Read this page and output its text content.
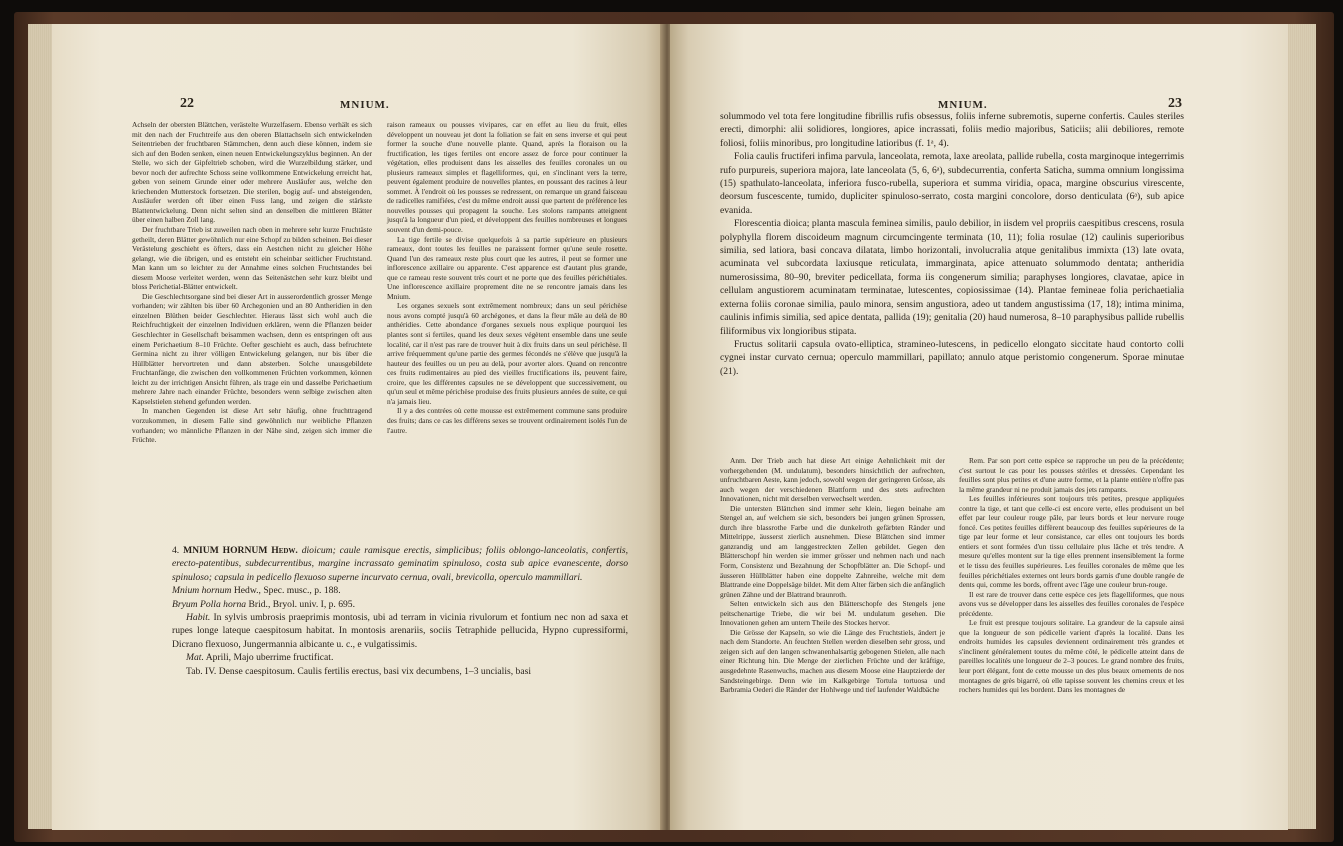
22	MNIUM.

Achseln der obersten Blättchen, verästelte Wurzelfasern. Ebenso verhält es sich mit den nach der Fruchtreife aus den oberen Blattachseln sich entwickelnden Seitentrieben der fruchtbaren Stämmchen, denn auch diese können, indem sie sich auf den Boden senken, einen neuen Entwickelungszyklus beginnen. An der Stelle, wo sich der Gipfeltrieb schoben, wird die Wurzelbildung stärker, und bevor noch der aufrechte Schoss seine vollkommene Entwickelung erreicht hat, geben von seinem Grunde einer oder mehrere Ausläufer aus, welche den kriechenden Mutterstock fortsetzen. Die sterilen, bogig auf- und absteigenden, Ausläufer werden oft über einen Fuss lang, und zeigen die stärkste Blattentwickelung. Denn nicht selten sind an denselben die mittleren Blätter über einen halben Zoll lang.

Der fruchtbare Trieb ist zuweilen nach oben in mehrere sehr kurze Fruchtäste getheilt, deren Blätter gewöhnlich nur eine Schopf zu bilden scheinen. Bei dieser Verästelung geschieht es öfters, dass ein Aestchen nicht zu gleicher Höhe gelangt, wie die übrigen, und es entsteht ein scheinbar seitlicher Fruchtstand. Man kann um so leichter zu der Annahme eines solchen Fruchtstandes bei diesem Moose verleitet werden, wenn das Seitenästchen sehr kurz bleibt und bloss Perichetial-Blätter entwickelt.

Die Geschlechtsorgane sind bei dieser Art in ausserordentlich grosser Menge vorhanden; wir zählten bis über 60 Archegonien und an 80 Antheridien in den einzelnen Blüthen beider Geschlechter. Hieraus lässt sich wohl auch die Reichfruchtigkeit der einzelnen Individuen erklären, wenn die Pflanzen beider Geschlechter in Gesellschaft beisammen wachsen, denn es entspringen oft aus einem Perichaetium 8–10 Früchte. Oefter geschieht es auch, dass befruchtete Germina nicht zu ihrer völligen Entwickelung gelangen, nur bis über die Hüllblätter hervortreten und dann absterben. Solche unausgebildete Fruchtanfänge, die zwischen den vollkommenen Früchten vorkommen, können leicht zu der irrichtigen Ansicht führen, als trage ein und dasselbe Perichaetium mehrere Jahre nach einander Früchte, besonders wenn selbige zwischen alten Kapselstielen stehend gefunden werden.

In manchen Gegenden ist diese Art sehr häufig, ohne fruchttragend vorzukommen, in diesem Falle sind gewöhnlich nur weibliche Pflanzen vorhanden; wo männliche Pflanzen in der Nähe sind, zeigen sich immer die Früchte.

raison rameaux ou pousses vivipares, car en effet au lieu du fruit, elles développent un nouveau jet dont la foliation se fait en sens inverse et qui peut former la souche d'une nouvelle plante. Quand, après la floraison ou la fructification, les tiges fertiles ont encore assez de force pour continuer la végétation, elles produisent dans les aisselles des feuilles coronales un ou plusieurs rameaux simples et flagelliformes, qui, en s'inclinant vers la terre, peuvent également produire de nouvelles plantes, en poussant des racines à leur sommet. À l'endroit où les pousses se redressent, on remarque un grand faisceau de radicelles ramifiées, c'est du même endroit aussi que partent de préférence les nouvelles pousses qui propagent la souche. Les stolons rampants atteignent jusqu'à la longueur d'un pied, et développent des feuilles nombreuses et longues souvent d'un demi-pouce.

La tige fertile se divise quelquefois à sa partie supérieure en plusieurs rameaux, dont toutes les feuilles ne paraissent former qu'une seule rosette. Quand l'un des rameaux reste plus court que les autres, il peut se former une inflorescence axillaire ou apparente. C'est apparence est d'autant plus grande, que ce rameau reste souvent très court et ne porte que des feuilles périchétiales. Une inflorescence axillaire proprement dite ne se rencontre jamais dans les Mnium.

Les organes sexuels sont extrêmement nombreux; dans un seul périchèse nous avons compté jusqu'à 60 archégones, et dans la fleur mâle au delà de 80 anthéridies. Cette abondance d'organes sexuels nous explique pourquoi les plantes sont si fertiles, quand les deux sexes végètent ensemble dans une seule localité, car il n'est pas rare de trouver huit à dix fruits dans un seul périchèse. Il arrive fréquemment qu'une partie des germes fécondés ne s'élève que jusqu'à la hauteur des feuilles ou un peu au delà, pour avorter alors. Quand on rencontre ces fruits rudimentaires au pied des vieilles fructifications ils, peuvent faire, croire, que les différentes capsules ne se développent que successivement, ou qu'un seul et même périchèse produise des fruits plusieurs années de suite, ce qui n'a jamais lieu.

Il y a des contrées où cette mousse est extrêmement commune sans produire des fruits; dans ce cas les différens sexes se trouvent ordinairement isolés l'un de l'autre.

4. MNIUM HORNUM Hedw. dioicum; caule ramisque erectis, simplicibus; foliis oblongo-lanceolatis, confertis, erecto-patentibus, subdecurrentibus, margine incrassato geminatim spinuloso, costa sub apice evanescente, dorso spinuloso; capsula in pedicello flexuoso superne incurvato cernua, ovali, brevicolla, operculo mammillari.

Mnium hornum Hedw., Spec. musc., p. 188.

Bryum Polla horna Brid., Bryol. univ. I, p. 695.

Habit. In sylvis umbrosis praeprimis montosis, ubi ad terram in viciniа rivulorum et fontium nec non ad saxa et rupes longe lateque caespitosum habitat. In montosis arenariis, sociis Tetraphide pellucida, Hypno cupressiformi, Dicrano flexuoso, Jungermannia albicante u. c., e vulgatissimis.

Mat. Aprili, Majo uberrime fructificat.

Tab. IV. Dense caespitosum. Caulis fertilis erectus, basi vix decumbens, 1–3 uncialis, basi

MNIUM.	23

solummodo vel tota fere longitudine fibrillis rufis obsessus, foliis inferne subremotis, superne confertis. Caules steriles erecti, dimorphi: alii solidiores, longiores, apice incrassati, foliis medio majoribus, Saticiis; alii debiliores, remote foliosi, foliis minoribus, pro longitudine latioribus (f. 1ᵃ, 4).

Folia caulis fructiferi infima parvula, lanceolata, remota, laxe areolata, pallide rubella, costa marginoque integerrimis rufo purpureis, superiora majora, late lanceolata (5, 6, 6ᵃ), subdecurrentia, conferta Saticha, summa omnium longissima (15) spathulato-lanceolata, inferiora fusco-rubella, superiora et summa viridia, opaca, margine obscurius virescente, deorsum fuscescente, tumido, dupliciter spinuloso-serrato, costa margini concolore, dorso denticulata (6ᵃ), sub apice evanida.

Florescentia dioica; planta mascula feminea similis, paulo debilior, in iisdem vel propriis caespitibus crescens, rosula polyphylla florem discoideum magnum circumcingente terminata (10, 11); folia rosulae (12) caulinis superioribus similia, sed latiora, basi concava dilatata, limbo horizontali, involucralia atque genitalibus immixta (13) late ovata, acuminata vel subcordata laxiusque reticulata, immarginata, apice attenuato solummodo dentata; antheridia numerosissima, 80–90, breviter pedicellata, forma iis congenerum similia; paraphyses longiores, clavatae, apice in cellulam angustiorem acuminatam terminatae, lutescentes, copiosissimae (14). Plantae femineae folia perichaetialia externa foliis coronae similia, paulo minora, sensim angustiora, adeo ut tandem angustissima (17, 18); intima minima, caulinis infimis similia, sed apice dentata, pallida (19); genitalia (20) haud numerosa, 8–10 paraphysibus pallide rubellis filiformibus vix longioribus stipata.

Fructus solitarii capsula ovato-elliptica, stramineo-lutescens, in pedicello elongato siccitate haud contorto colli cygnei instar curvato cernua; operculo mammillari, papillato; annulo atque peristomio congenerum. Sporae minutae (21).

Anm. Der Trieb auch hat diese Art einige Aehnlichkeit mit der vorhergehenden (M. undulatum), besonders hinsichtlich der aufrechten, unfruchtbaren Aeste, kann jedoch, sowohl wegen der geringeren Grösse, als auch wegen der verschiedenen Blattform und des stets aufrechten Innovationen, nicht mit derselben verwechselt werden.

Die untersten Blättchen sind immer sehr klein, liegen beinahe am Stengel an, auf welchem sie sich, besonders bei jungen grünen Sprossen, durch ihre blassrothe Farbe und die dunkelroth gefärbten Ränder und Mittelrippe, äusserst zierlich ausnehmen. Diese Blättchen sind immer ganzrandig und am langgestreckten Zellen gebildet. Gegen den Blätterschopf hin werden sie immer grösser und nehmen nach und nach Form, Consistenz und Bezahnung der Schopfblätter an. Die Schopf- und äusseren Hüllblätter haben eine doppelte Zahnreihe, welche mit dem Blattrande eine Doppelsäge bildet. Mit dem Alter färben sich die anfänglich grünen Zähne und der Blattrand braunroth.

Selten entwickeln sich aus den Blätterschopfe des Stengels jene peitschenartige Triebe, die wir bei M. undulatum gesehen. Die Innovationen gehen am untern Theile des Stockes hervor.

Die Grösse der Kapseln, so wie die Länge des Fruchtstiels, ändert je nach dem Standorte. An feuchten Stellen werden dieselben sehr gross, und zeigen sich auf den langen schwanenhalsartig gebogenen Stielen, alle nach einer Richtung hin. Die Menge der zierlichen Früchte und der kräftige, ausgedehnte Rasenwuchs, machen aus diesem Moose eine Hauptzierde der Sandsteingebirge. Denn wie im Kalkgebirge Tortula tortuosa und Barbramia Oederi die Ränder der Hohlwege und tief laufender Waldbäche

Rem. Par son port cette espèce se rapproche un peu de la précédente; c'est surtout le cas pour les pousses stériles et dressées. Cependant les feuilles sont plus petites et d'une autre forme, et la plante entière n'offre pas la même grandeur ni ne produit jamais des jets rampants.

Les feuilles inférieures sont toujours très petites, presque appliquées contre la tige, et tant que celle-ci est encore verte, elles produisent un bel effet par leur couleur rouge pâle, par leurs bords et leur nervure rouge foncé. Ces petites feuilles diffèrent beaucoup des feuilles supérieures de la tige par leur forme et leur consistance, car elles ont toujours les bords entiers et sont formées d'un tissu cellulaire plus lâche et très tendre. A mesure qu'elles montent sur la tige elles prennent insensiblement la forme et le tissu des feuilles supérieures. Les feuilles coronales de même que les feuilles périchétiales externes ont leurs bords garnis d'une double rangée de dents qui, comme les bords, offrent avec l'âge une couleur brun-rouge.

Il est rare de trouver dans cette espèce ces jets flagelliformes, que nous avons vus se développer dans les aisselles des feuilles coronales de l'espèce précédente.

Le fruit est presque toujours solitaire. La grandeur de la capsule ainsi que la longueur de son pédicelle varient d'après la localité. Dans les endroits humides les capsules deviennent ordinairement très grandes et s'inclinent généralement toutes du même côté, le pédicelle atteint dans de pareilles localités une longueur de 2–3 pouces. Le grand nombre des fruits, leur port élégant, font de cette mousse un des plus beaux ornements de nos montagnes de grès bigarré, où elle tapisse souvent les chemins creux et les rochers humides qui les bordent. Dans les montagnes de
